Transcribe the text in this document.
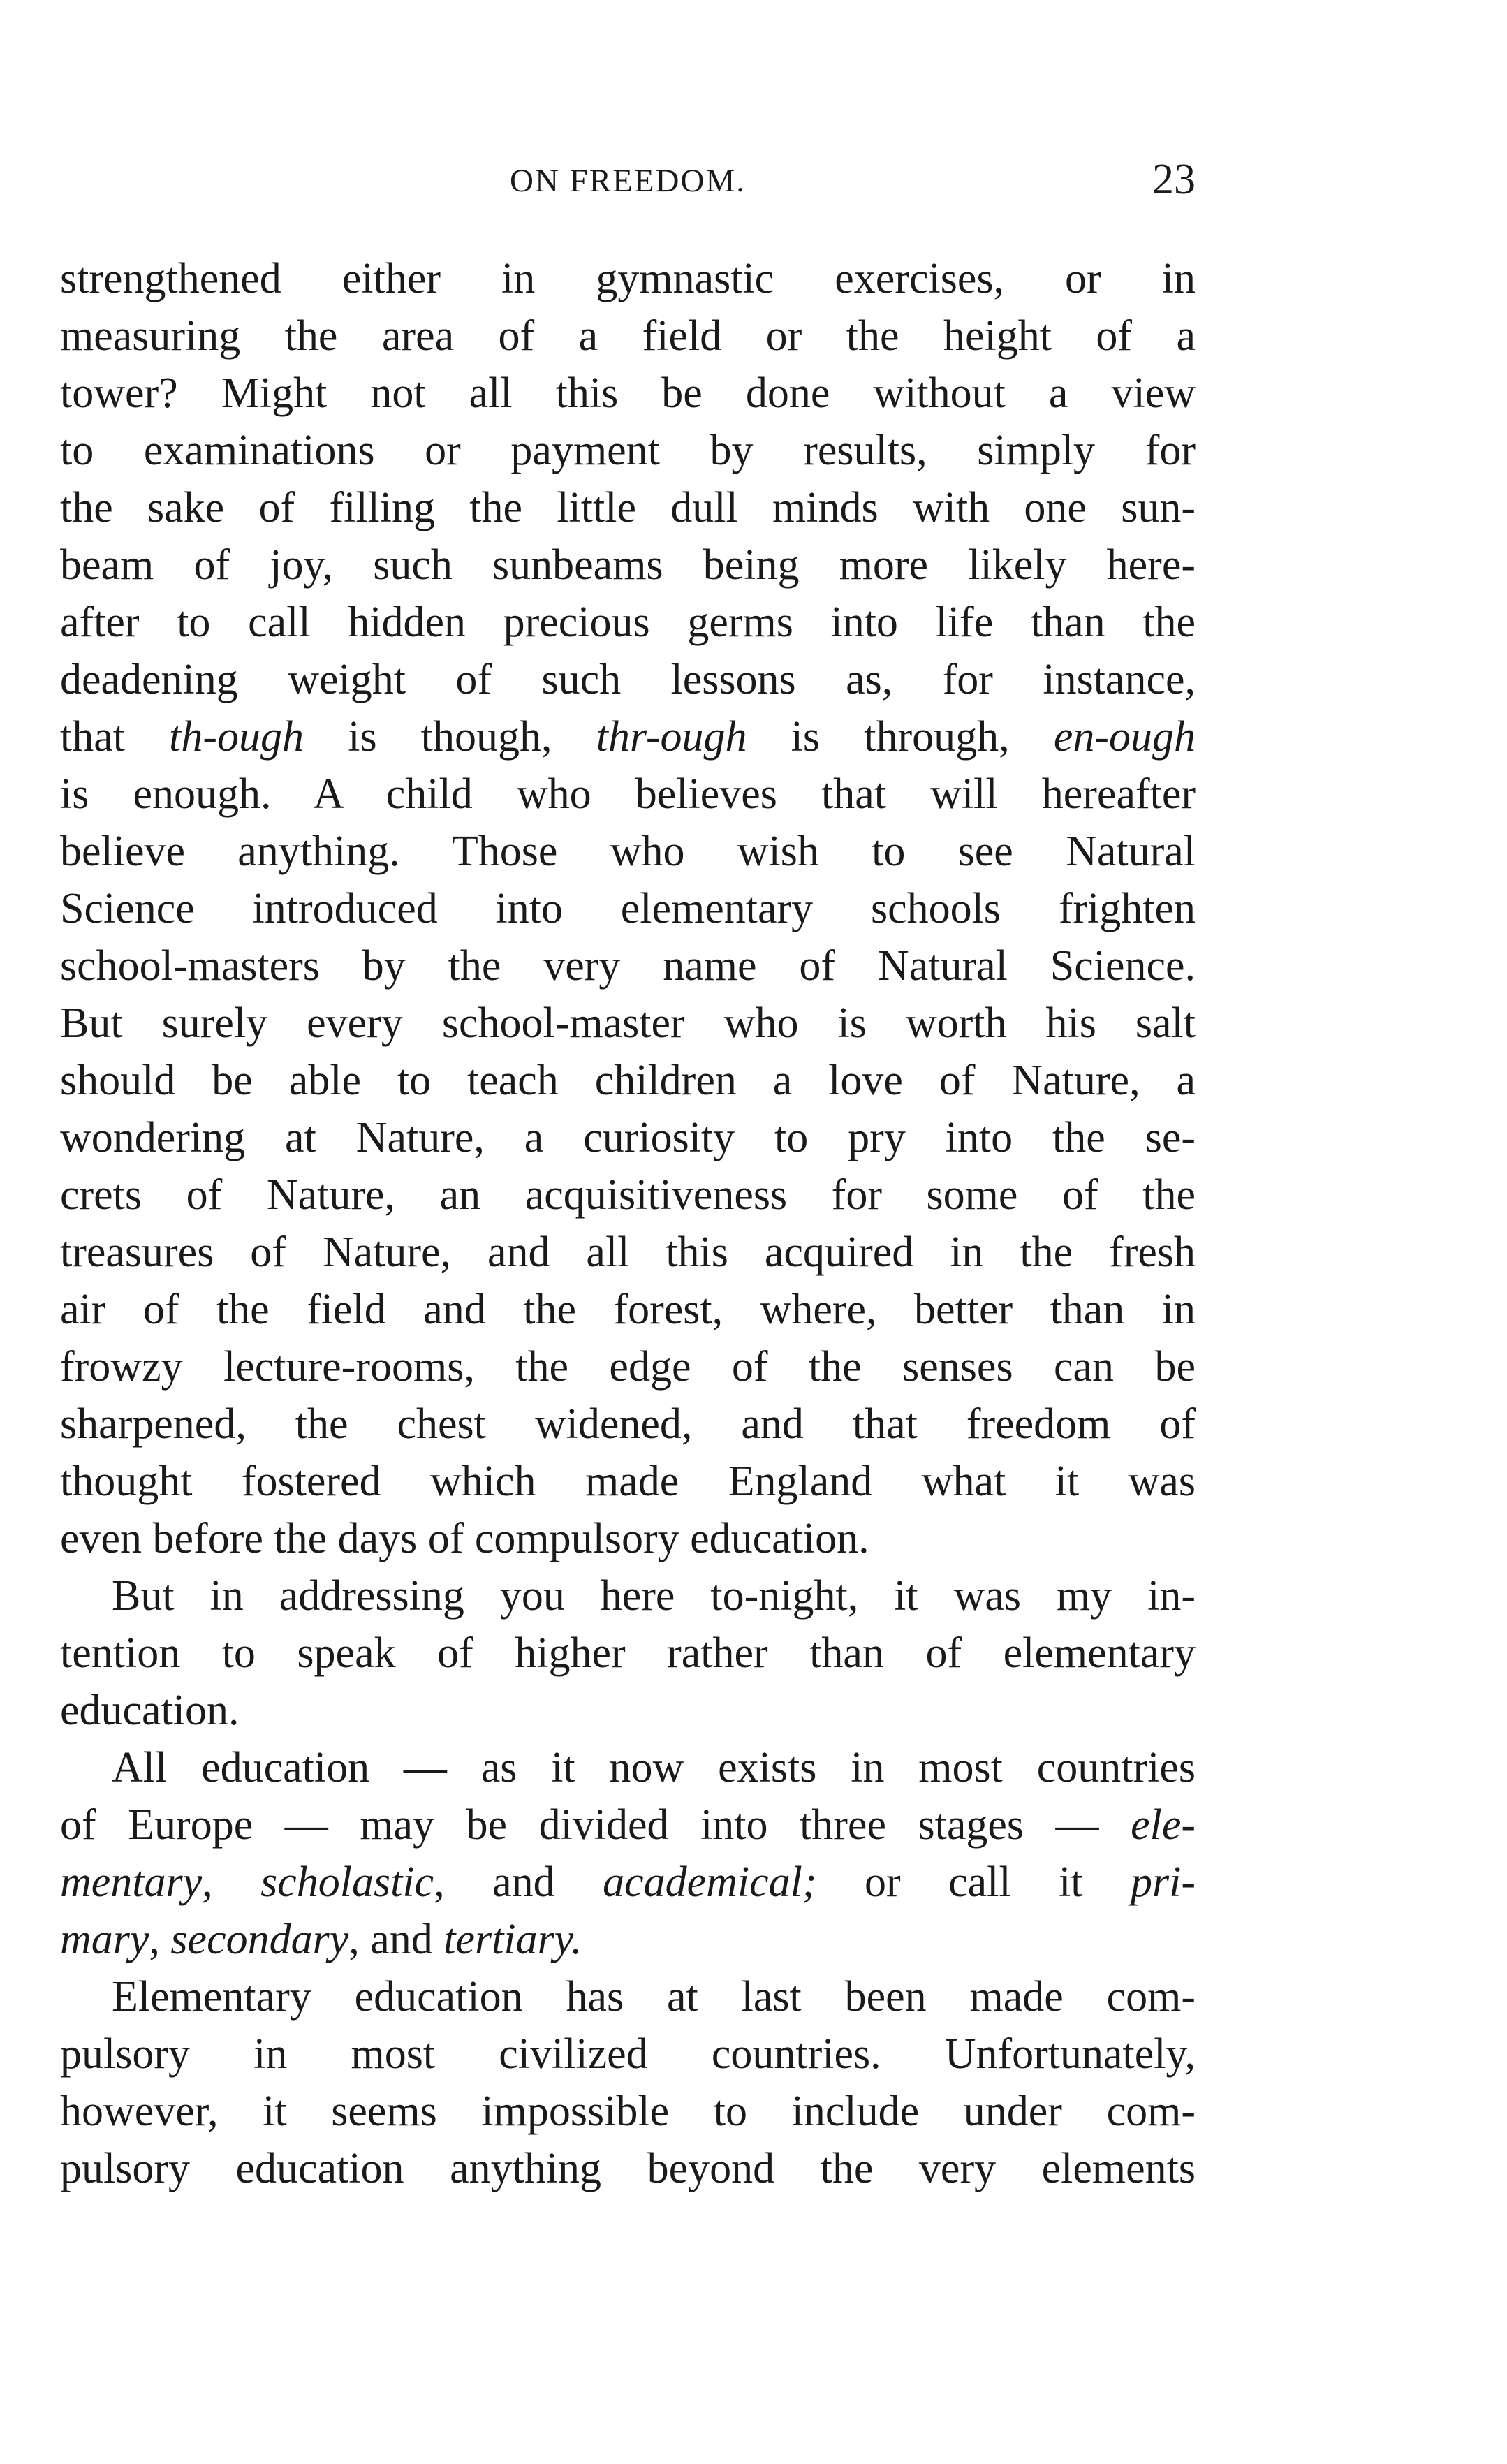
ON FREEDOM.	23
strengthened either in gymnastic exercises, or in
measuring the area of a field or the height of a
tower? Might not all this be done without a view
to examinations or payment by results, simply for
the sake of filling the little dull minds with one sun-
beam of joy, such sunbeams being more likely here-
after to call hidden precious germs into life than the
deadening weight of such lessons as, for instance,
that th-ough is though, thr-ough is through, en-ough
is enough. A child who believes that will hereafter
believe anything. Those who wish to see Natural
Science introduced into elementary schools frighten
school-masters by the very name of Natural Science.
But surely every school-master who is worth his salt
should be able to teach children a love of Nature, a
wondering at Nature, a curiosity to pry into the se-
crets of Nature, an acquisitiveness for some of the
treasures of Nature, and all this acquired in the fresh
air of the field and the forest, where, better than in
frowzy lecture-rooms, the edge of the senses can be
sharpened, the chest widened, and that freedom of
thought fostered which made England what it was
even before the days of compulsory education.
But in addressing you here to-night, it was my in-
tention to speak of higher rather than of elementary
education.
All education — as it now exists in most countries
of Europe — may be divided into three stages — ele-
mentary, scholastic, and academical; or call it pri-
mary, secondary, and tertiary.
Elementary education has at last been made com-
pulsory in most civilized countries. Unfortunately,
however, it seems impossible to include under com-
pulsory education anything beyond the very elements
